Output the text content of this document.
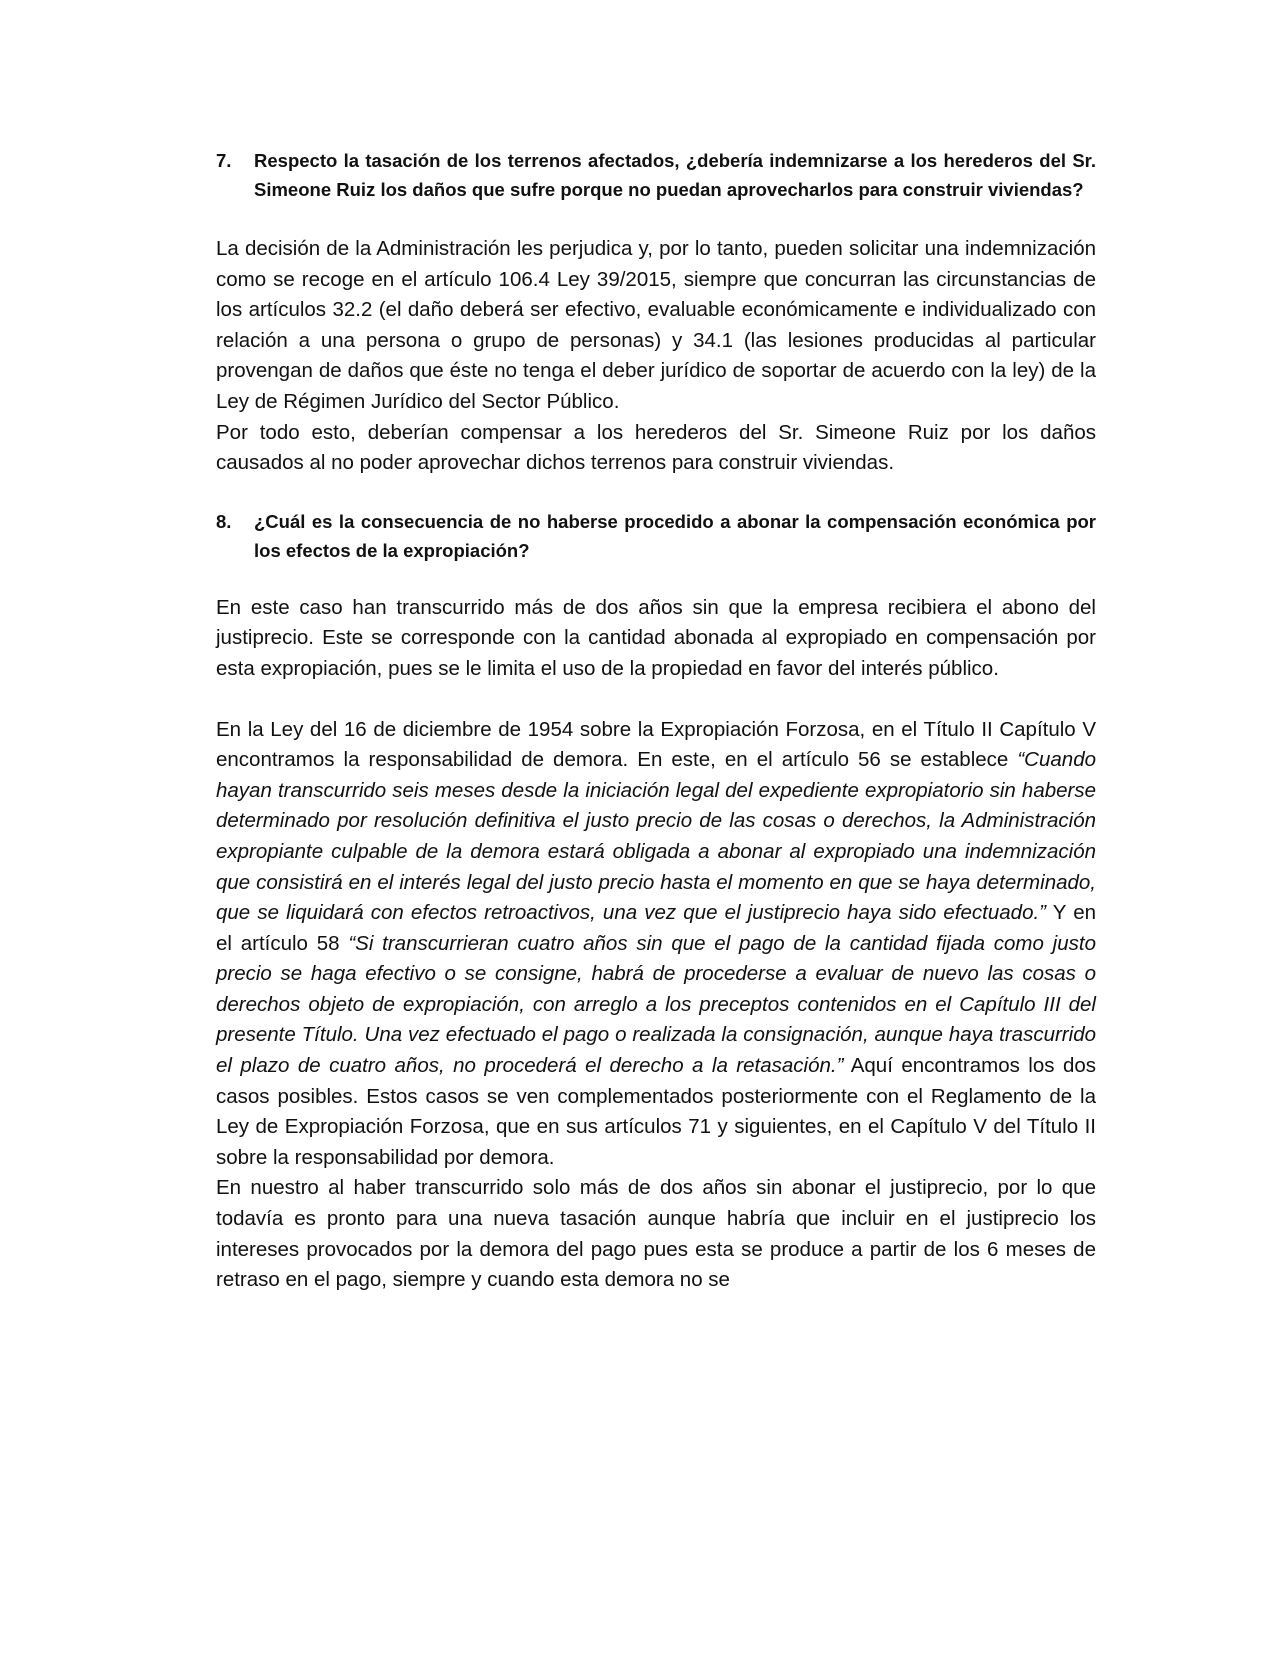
7.	Respecto la tasación de los terrenos afectados, ¿debería indemnizarse a los herederos del Sr. Simeone Ruiz los daños que sufre porque no puedan aprovecharlos para construir viviendas?

La decisión de la Administración les perjudica y, por lo tanto, pueden solicitar una indemnización como se recoge en el artículo 106.4 Ley 39/2015, siempre que concurran las circunstancias de los artículos 32.2 (el daño deberá ser efectivo, evaluable económicamente e individualizado con relación a una persona o grupo de personas) y 34.1 (las lesiones producidas al particular provengan de daños que éste no tenga el deber jurídico de soportar de acuerdo con la ley) de la Ley de Régimen Jurídico del Sector Público.

Por todo esto, deberían compensar a los herederos del Sr. Simeone Ruiz por los daños causados al no poder aprovechar dichos terrenos para construir viviendas.

8.	¿Cuál es la consecuencia de no haberse procedido a abonar la compensación económica por los efectos de la expropiación?

En este caso han transcurrido más de dos años sin que la empresa recibiera el abono del justiprecio. Este se corresponde con la cantidad abonada al expropiado en compensación por esta expropiación, pues se le limita el uso de la propiedad en favor del interés público.

En la Ley del 16 de diciembre de 1954 sobre la Expropiación Forzosa, en el Título II Capítulo V encontramos la responsabilidad de demora. En este, en el artículo 56 se establece “Cuando hayan transcurrido seis meses desde la iniciación legal del expediente expropiatorio sin haberse determinado por resolución definitiva el justo precio de las cosas o derechos, la Administración expropiante culpable de la demora estará obligada a abonar al expropiado una indemnización que consistirá en el interés legal del justo precio hasta el momento en que se haya determinado, que se liquidará con efectos retroactivos, una vez que el justiprecio haya sido efectuado.” Y en el artículo 58 “Si transcurrieran cuatro años sin que el pago de la cantidad fijada como justo precio se haga efectivo o se consigne, habrá de procederse a evaluar de nuevo las cosas o derechos objeto de expropiación, con arreglo a los preceptos contenidos en el Capítulo III del presente Título. Una vez efectuado el pago o realizada la consignación, aunque haya trascurrido el plazo de cuatro años, no procederá el derecho a la retasación.” Aquí encontramos los dos casos posibles. Estos casos se ven complementados posteriormente con el Reglamento de la Ley de Expropiación Forzosa, que en sus artículos 71 y siguientes, en el Capítulo V del Título II sobre la responsabilidad por demora.

En nuestro al haber transcurrido solo más de dos años sin abonar el justiprecio, por lo que todavía es pronto para una nueva tasación aunque habría que incluir en el justiprecio los intereses provocados por la demora del pago pues esta se produce a partir de los 6 meses de retraso en el pago, siempre y cuando esta demora no se
